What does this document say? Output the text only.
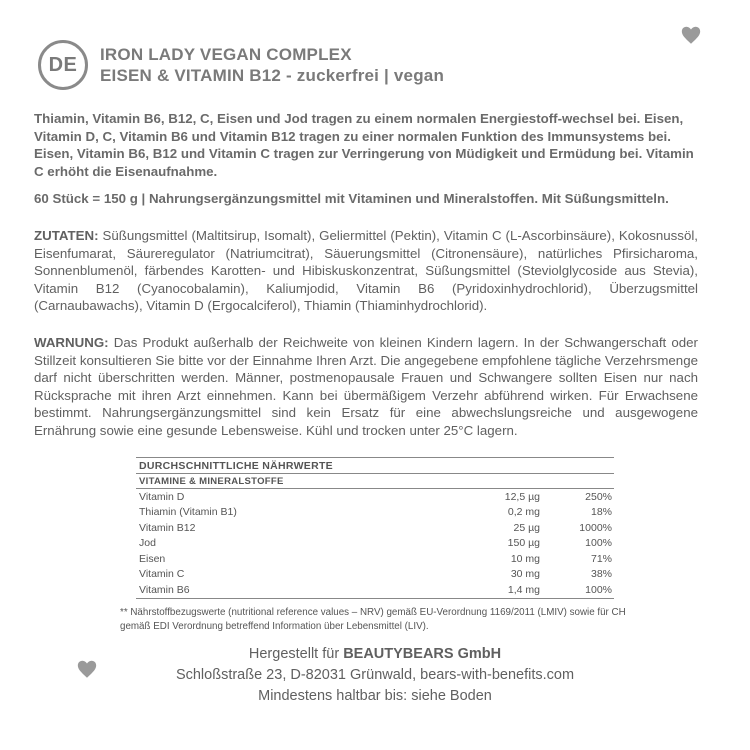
DE	IRON LADY VEGAN COMPLEX
EISEN & VITAMIN B12 - zuckerfrei | vegan
Thiamin, Vitamin B6, B12, C, Eisen und Jod tragen zu einem normalen Energiestoff-wechsel bei. Eisen, Vitamin D, C, Vitamin B6 und Vitamin B12 tragen zu einer normalen Funktion des Immunsystems bei. Eisen, Vitamin B6, B12 und Vitamin C tragen zur Verringerung von Müdigkeit und Ermüdung bei. Vitamin C erhöht die Eisenaufnahme.
60 Stück = 150 g | Nahrungsergänzungsmittel mit Vitaminen und Mineralstoffen. Mit Süßungsmitteln.
ZUTATEN: Süßungsmittel (Maltitsirup, Isomalt), Geliermittel (Pektin), Vitamin C (L-Ascorbinsäure), Kokosnussöl, Eisenfumarat, Säureregulator (Natriumcitrat), Säuerungsmittel (Citronensäure), natürliches Pfirsicharoma, Sonnenblumenöl, färbendes Karotten- und Hibiskuskonzentrat, Süßungsmittel (Steviolglycoside aus Stevia), Vitamin B12 (Cyanocobalamin), Kaliumjodid, Vitamin B6 (Pyridoxinhydrochlorid), Überzugsmittel (Carnaubawachs), Vitamin D (Ergocalciferol), Thiamin (Thiaminhydrochlorid).
WARNUNG: Das Produkt außerhalb der Reichweite von kleinen Kindern lagern. In der Schwangerschaft oder Stillzeit konsultieren Sie bitte vor der Einnahme Ihren Arzt. Die angegebene empfohlene tägliche Verzehrsmenge darf nicht überschritten werden. Männer, postmenopausale Frauen und Schwangere sollten Eisen nur nach Rücksprache mit ihren Arzt einnehmen. Kann bei übermäßigem Verzehr abführend wirken. Für Erwachsene bestimmt. Nahrungsergänzungsmittel sind kein Ersatz für eine abwechslungsreiche und ausgewogene Ernährung sowie eine gesunde Lebensweise. Kühl und trocken unter 25°C lagern.
DURCHSCHNITTLICHE NÄHRWERTE
VITAMINE & MINERALSTOFFE
Vitamin D	12,5 µg	250%
Thiamin (Vitamin B1)	0,2 mg	18%
Vitamin B12	25 µg	1000%
Jod	150 µg	100%
Eisen	10 mg	71%
Vitamin C	30 mg	38%
Vitamin B6	1,4 mg	100%
** Nährstoffbezugswerte (nutritional reference values – NRV) gemäß EU-Verordnung 1169/2011 (LMIV) sowie für CH gemäß EDI Verordnung betreffend Information über Lebensmittel (LIV).
Hergestellt für BEAUTYBEARS GmbH
Schloßstraße 23, D-82031 Grünwald, bears-with-benefits.com
Mindestens haltbar bis: siehe Boden
